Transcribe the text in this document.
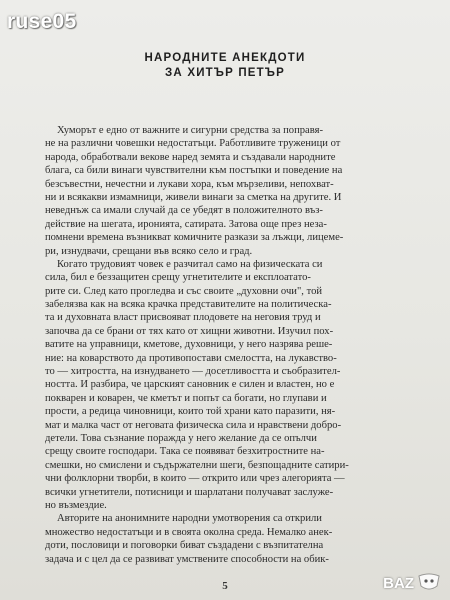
ruse05
НАРОДНИТЕ АНЕКДОТИ
ЗА ХИТЪР ПЕТЪР
Хуморът е едно от важните и сигурни средства за поправя-
не на различни човешки недостатъци. Работливите труженици от
народа, обработвали векове наред земята и създавали народните
блага, са били винаги чувствителни към постъпки и поведение на
безсъвестни, нечестни и лукави хора, към мързеливи, непохват-
ни и всякакви измамници, живели винаги за сметка на другите. И
неведнъж са имали случай да се убедят в положителното въз-
действие на шегата, иронията, сатирата. Затова още през неза-
помнени времена възникват комичните разкази за лъжци, лицемe-
ри, изнудвачи, срещани във всяко село и град.
Когато трудовият човек е разчитал само на физическата си
сила, бил е беззащитен срещу угнетителите и експлоатато-
рите си. След като прогледва и със своите „духовни очи", той
забелязва как на всяка крачка представителите на политическа-
та и духовната власт присвояват плодовете на неговия труд и
започва да се брани от тях като от хищни животни. Изучил пох-
ватите на управници, кметове, духовници, у него назрява реше-
ние: на коварството да противопостави смелостта, на лукавство-
то — хитростта, на изнудването — досетливостта и съобразител-
ността. И разбира, че царският сановник е силен и властен, но е
покварен и коварен, че кметът и попът са богати, но глупави и
прости, а редица чиновници, които той храни като паразити, ня-
мат и малка част от неговата физическа сила и нравствени добро-
детели. Това съзнание поражда у него желание да се опълчи
срещу своите господари. Така се появяват безхитростните на-
смешки, но смислени и съдържателни шеги, безпощадните сатири-
чни фолклорни творби, в които — открито или чрез алегорията —
всички угнетители, потисници и шарлатани получават заслуже-
но възмездие.
Авторите на анонимните народни умотворения са открили
множество недостатъци и в своята околна среда. Немалко анек-
доти, пословици и поговорки биват създадени с възпитателна
задача и с цел да се развиват умствените способности на обик-
5	BAZ
